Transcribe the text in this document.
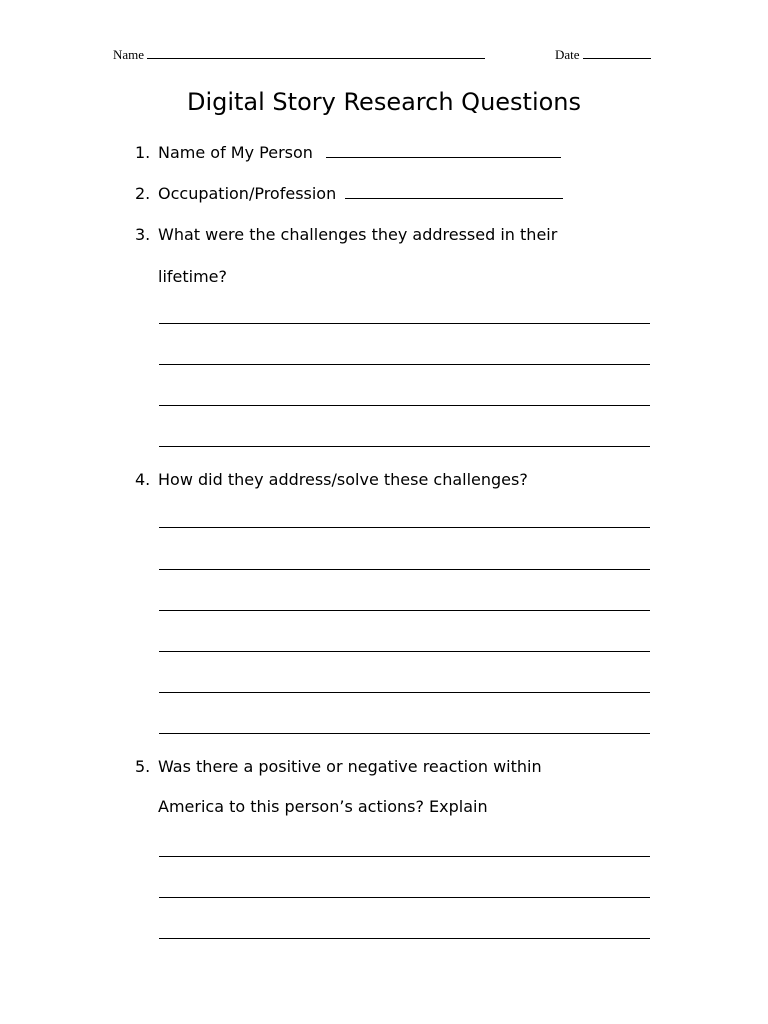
Name	Date
Digital Story Research Questions
1. Name of My Person
2. Occupation/Profession
3. What were the challenges they addressed in their
lifetime?
4. How did they address/solve these challenges?
5. Was there a positive or negative reaction within
America to this person’s actions? Explain
